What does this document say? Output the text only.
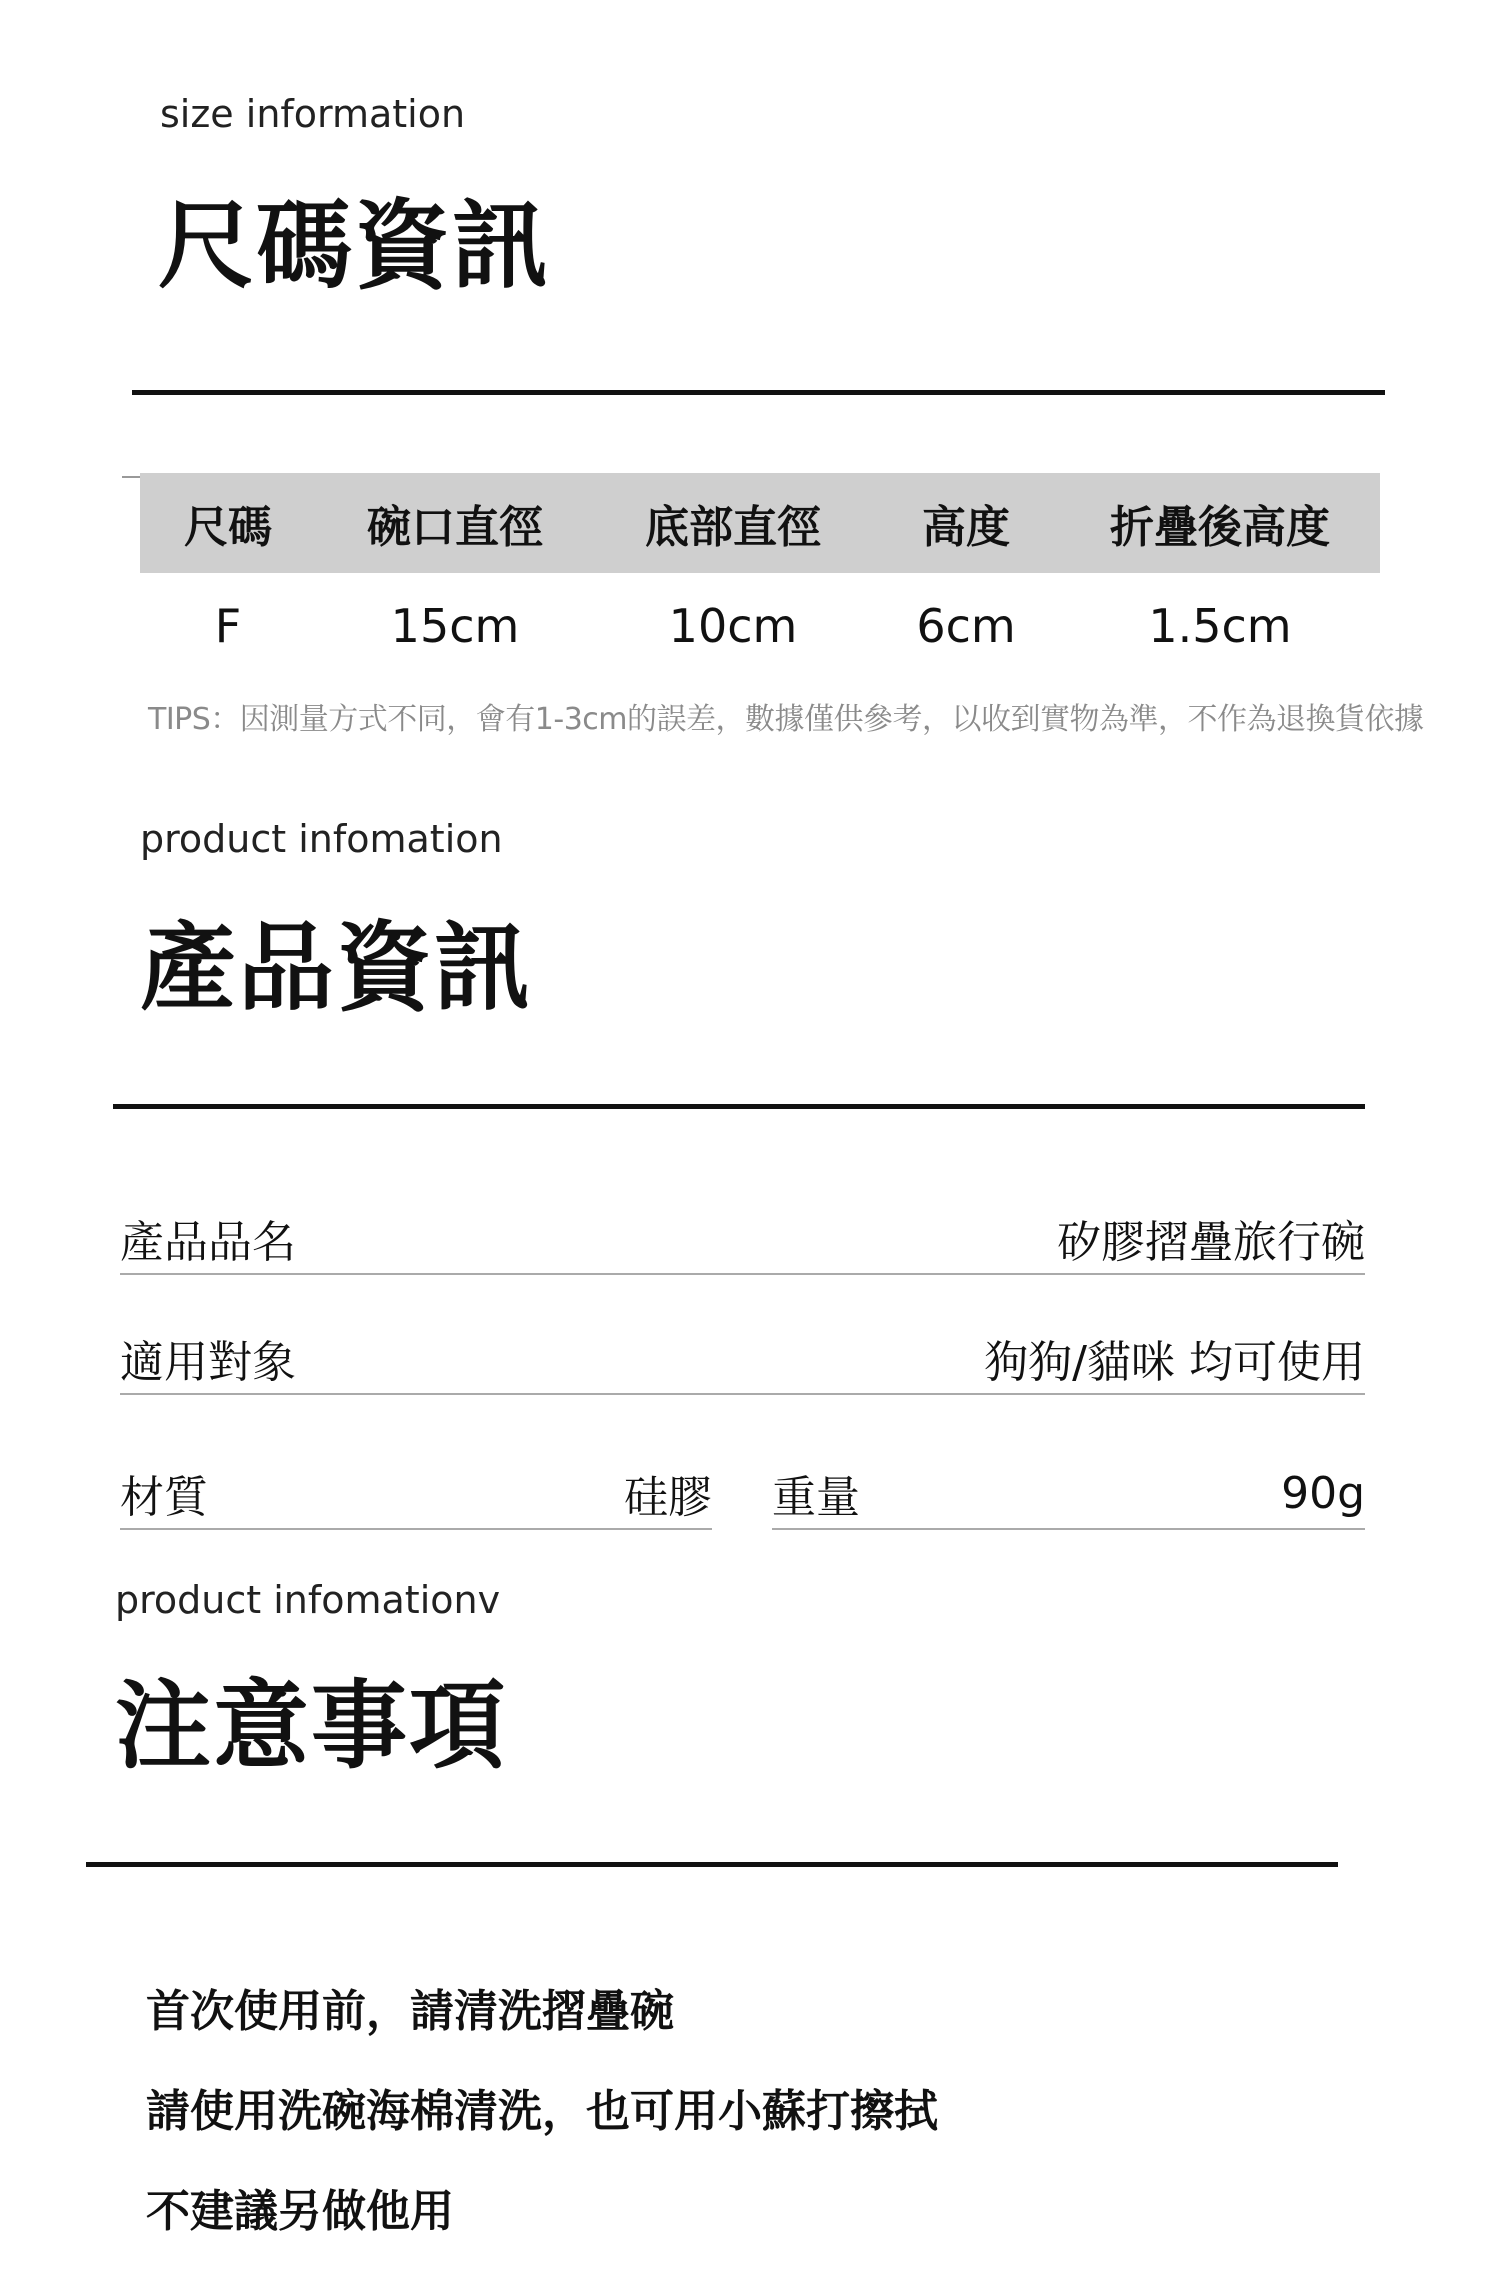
size information
尺碼資訊
尺碼	碗口直徑	底部直徑	高度	折疊後高度
F	15cm	10cm	6cm	1.5cm
TIPS：因測量方式不同，會有1-3cm的誤差，數據僅供參考，以收到實物為準，不作為退換貨依據
product infomation
產品資訊
產品品名	矽膠摺疊旅行碗
適用對象	狗狗/貓咪 均可使用
材質	硅膠 重量	90g
product infomationv
注意事項
首次使用前，請清洗摺疊碗
請使用洗碗海棉清洗，也可用小蘇打擦拭
不建議另做他用
